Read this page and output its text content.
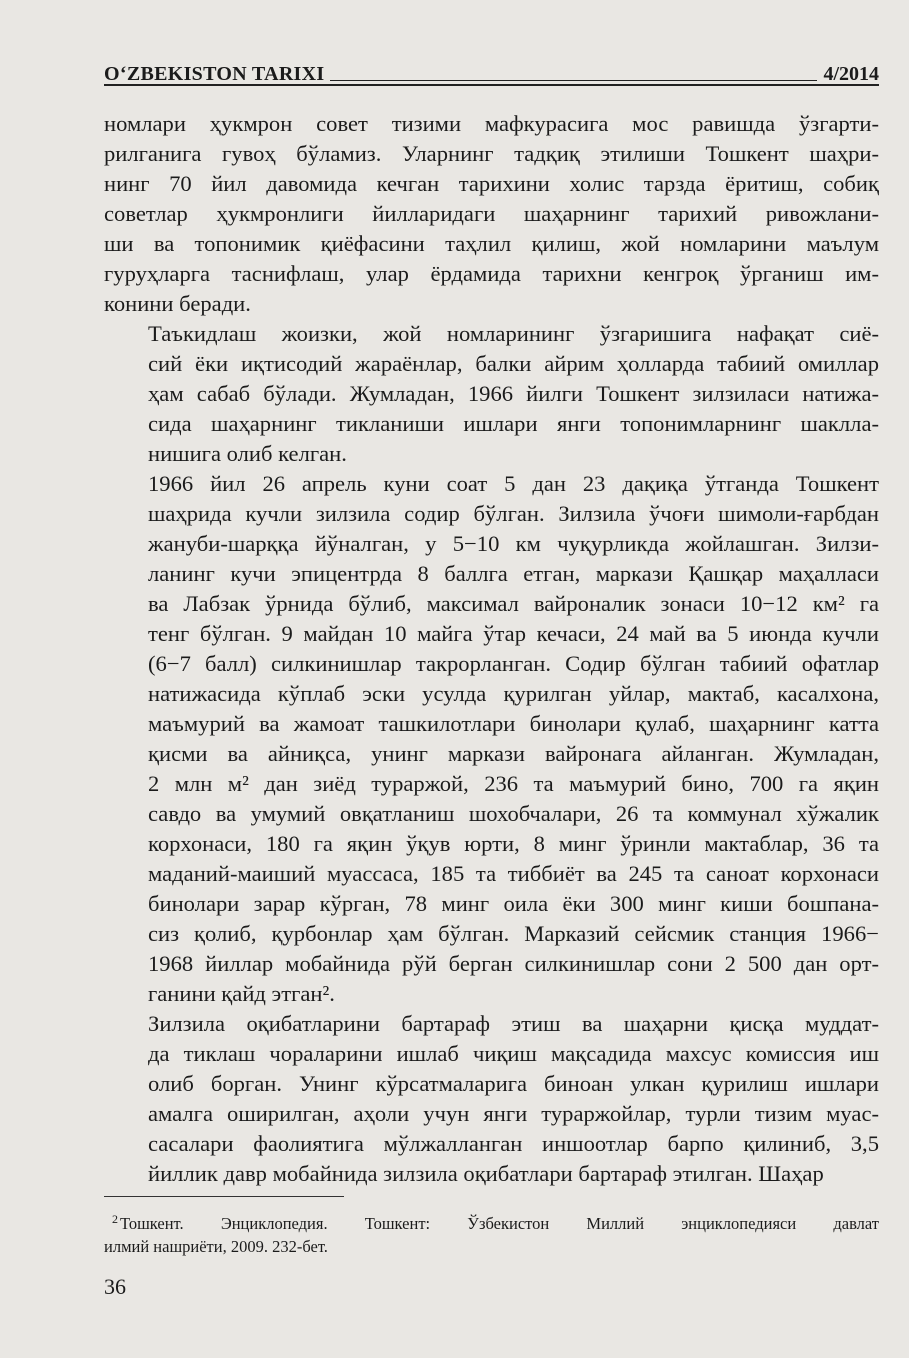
O‘ZBEKISTON TARIXI	4/2014

номлари ҳукмрон совет тизими мафкурасига мос равишда ўзгарти-
рилганига гувоҳ бўламиз. Уларнинг тадқиқ этилиши Тошкент шаҳри-
нинг 70 йил давомида кечган тарихини холис тарзда ёритиш, собиқ
советлар ҳукмронлиги йилларидаги шаҳарнинг тарихий ривожлани-
ши ва топонимик қиёфасини таҳлил қилиш, жой номларини маълум
гуруҳларга таснифлаш, улар ёрдамида тарихни кенгроқ ўрганиш им-
конини беради.

Таъкидлаш жоизки, жой номларининг ўзгаришига нафақат сиё-
сий ёки иқтисодий жараёнлар, балки айрим ҳолларда табиий омиллар
ҳам сабаб бўлади. Жумладан, 1966 йилги Тошкент зилзиласи натижа-
сида шаҳарнинг тикланиши ишлари янги топонимларнинг шаклла-
нишига олиб келган.

1966 йил 26 апрель куни соат 5 дан 23 дақиқа ўтганда Тошкент
шаҳрида кучли зилзила содир бўлган. Зилзила ўчоғи шимоли-ғарбдан
жануби-шарққа йўналган, у 5−10 км чуқурликда жойлашган. Зилзи-
ланинг кучи эпицентрда 8 баллга етган, маркази Қашқар маҳалласи
ва Лабзак ўрнида бўлиб, максимал вайроналик зонаси 10−12 км² га
тенг бўлган. 9 майдан 10 майга ўтар кечаси, 24 май ва 5 июнда кучли
(6−7 балл) силкинишлар такрорланган. Содир бўлган табиий офатлар
натижасида кўплаб эски усулда қурилган уйлар, мактаб, касалхона,
маъмурий ва жамоат ташкилотлари бинолари қулаб, шаҳарнинг катта
қисми ва айниқса, унинг маркази вайронага айланган. Жумладан,
2 млн м² дан зиёд тураржой, 236 та маъмурий бино, 700 га яқин
савдо ва умумий овқатланиш шохобчалари, 26 та коммунал хўжалик
корхонаси, 180 га яқин ўқув юрти, 8 минг ўринли мактаблар, 36 та
маданий-маиший муассаса, 185 та тиббиёт ва 245 та саноат корхонаси
бинолари зарар кўрган, 78 минг оила ёки 300 минг киши бошпана-
сиз қолиб, қурбонлар ҳам бўлган. Марказий сейсмик станция 1966−
1968 йиллар мобайнида рўй берган силкинишлар сони 2 500 дан орт-
ганини қайд этган².

Зилзила оқибатларини бартараф этиш ва шаҳарни қисқа муддат-
да тиклаш чораларини ишлаб чиқиш мақсадида махсус комиссия иш
олиб борган. Унинг кўрсатмаларига биноан улкан қурилиш ишлари
амалга оширилган, аҳоли учун янги тураржойлар, турли тизим муас-
сасалари фаолиятига мўлжалланган иншоотлар барпо қилиниб, 3,5
йиллик давр мобайнида зилзила оқибатлари бартараф этилган. Шаҳар

$^2$ Тошкент. Энциклопедия. Тошкент: Ўзбекистон Миллий энциклопедияси давлат
илмий нашриёти, 2009. 232-бет.
36
